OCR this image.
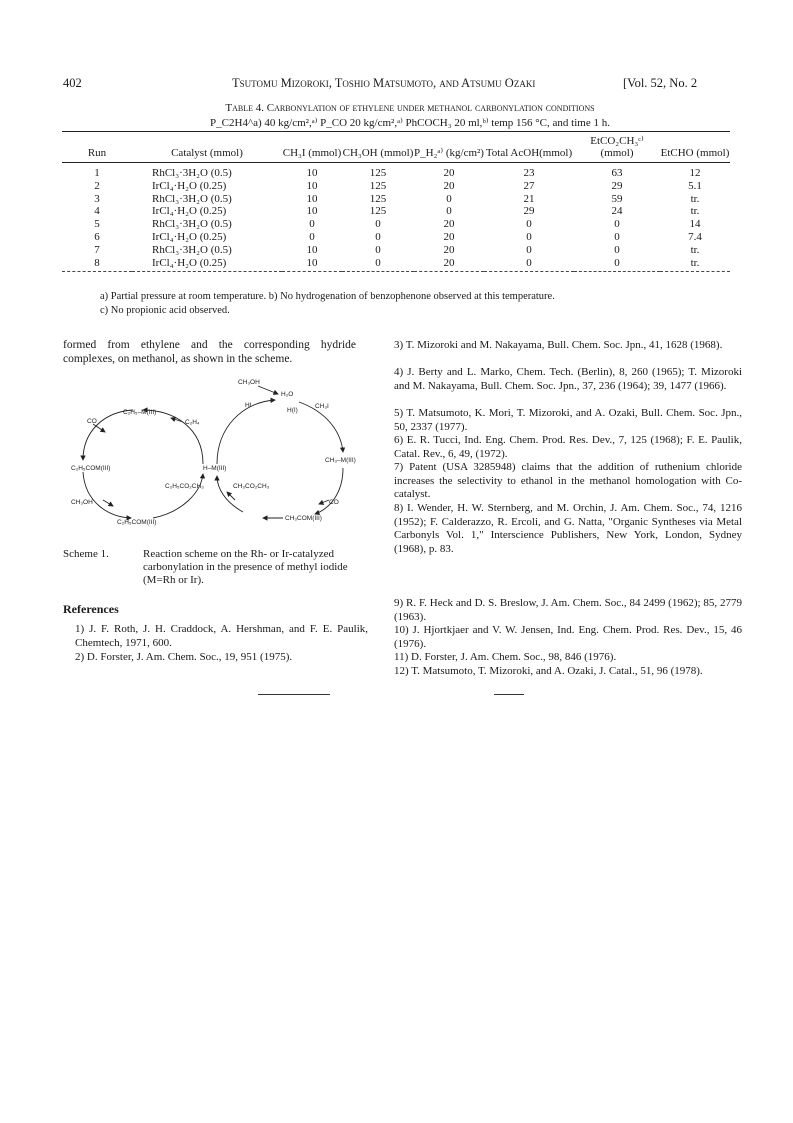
402	Tsutomu Mizoroki, Toshio Matsumoto, and Atsumu Ozaki	[Vol. 52, No. 2
Table 4. Carbonylation of ethylene under methanol carbonylation conditions
P_C2H4^a) 40 kg/cm²,ᵃ⁾ P_CO 20 kg/cm²,ᵃ⁾ PhCOCH₃ 20 ml,ᵇ⁾ temp 156 °C, and time 1 h.
Run	Catalyst (mmol)	CH₃I (mmol)	CH₃OH (mmol)	P_H₂ᵃ⁾ (kg/cm²)	Total AcOH(mmol)	EtCO₂CH₃ᶜ⁾ (mmol)	EtCHO (mmol)
1	RhCl₃·3H₂O (0.5)	10	125	20	23	63	12
2	IrCl₄·H₂O (0.25)	10	125	20	27	29	5.1
3	RhCl₃·3H₂O (0.5)	10	125	0	21	59	tr.
4	IrCl₄·H₂O (0.25)	10	125	0	29	24	tr.
5	RhCl₃·3H₂O (0.5)	0	0	20	0	0	14
6	IrCl₄·H₂O (0.25)	0	0	20	0	0	7.4
7	RhCl₃·3H₂O (0.5)	10	0	20	0	0	tr.
8	IrCl₄·H₂O (0.25)	10	0	20	0	0	tr.
a) Partial pressure at room temperature. b) No hydrogenation of benzophenone observed at this temperature.
c) No propionic acid observed.
formed from ethylene and the corresponding hydride complexes, on methanol, as shown in the scheme.
CH₃OH
H₂O
HI
H(I)
CH₃I
C₂H₅–M(III)
C₂H₄
CO
C₂H₅COM(III)	H–M(III)
C₂H₅CO₂CH₃	CH₃CO₂CH₃
CH₃–M(III)
CH₃OH
C₂H₅COM(III)
CH₃COM(III)
CO
Scheme 1.	Reaction scheme on the Rh- or Ir-catalyzed carbonylation in the presence of methyl iodide (M=Rh or Ir).
References
1) J. F. Roth, J. H. Craddock, A. Hershman, and F. E. Paulik, Chemtech, 1971, 600.
2) D. Forster, J. Am. Chem. Soc., 19, 951 (1975).
3) T. Mizoroki and M. Nakayama, Bull. Chem. Soc. Jpn., 41, 1628 (1968).
4) J. Berty and L. Marko, Chem. Tech. (Berlin), 8, 260 (1965); T. Mizoroki and M. Nakayama, Bull. Chem. Soc. Jpn., 37, 236 (1964); 39, 1477 (1966).
5) T. Matsumoto, K. Mori, T. Mizoroki, and A. Ozaki, Bull. Chem. Soc. Jpn., 50, 2337 (1977).
6) E. R. Tucci, Ind. Eng. Chem. Prod. Res. Dev., 7, 125 (1968); F. E. Paulik, Catal. Rev., 6, 49, (1972).
7) Patent (USA 3285948) claims that the addition of ruthenium chloride increases the selectivity to ethanol in the methanol homologation with Co-catalyst.
8) I. Wender, H. W. Sternberg, and M. Orchin, J. Am. Chem. Soc., 74, 1216 (1952); F. Calderazzo, R. Ercoli, and G. Natta, "Organic Syntheses via Metal Carbonyls Vol. 1," Interscience Publishers, New York, London, Sydney (1968), p. 83.
9) R. F. Heck and D. S. Breslow, J. Am. Chem. Soc., 84 2499 (1962); 85, 2779 (1963).
10) J. Hjortkjaer and V. W. Jensen, Ind. Eng. Chem. Prod. Res. Dev., 15, 46 (1976).
11) D. Forster, J. Am. Chem. Soc., 98, 846 (1976).
12) T. Matsumoto, T. Mizoroki, and A. Ozaki, J. Catal., 51, 96 (1978).
